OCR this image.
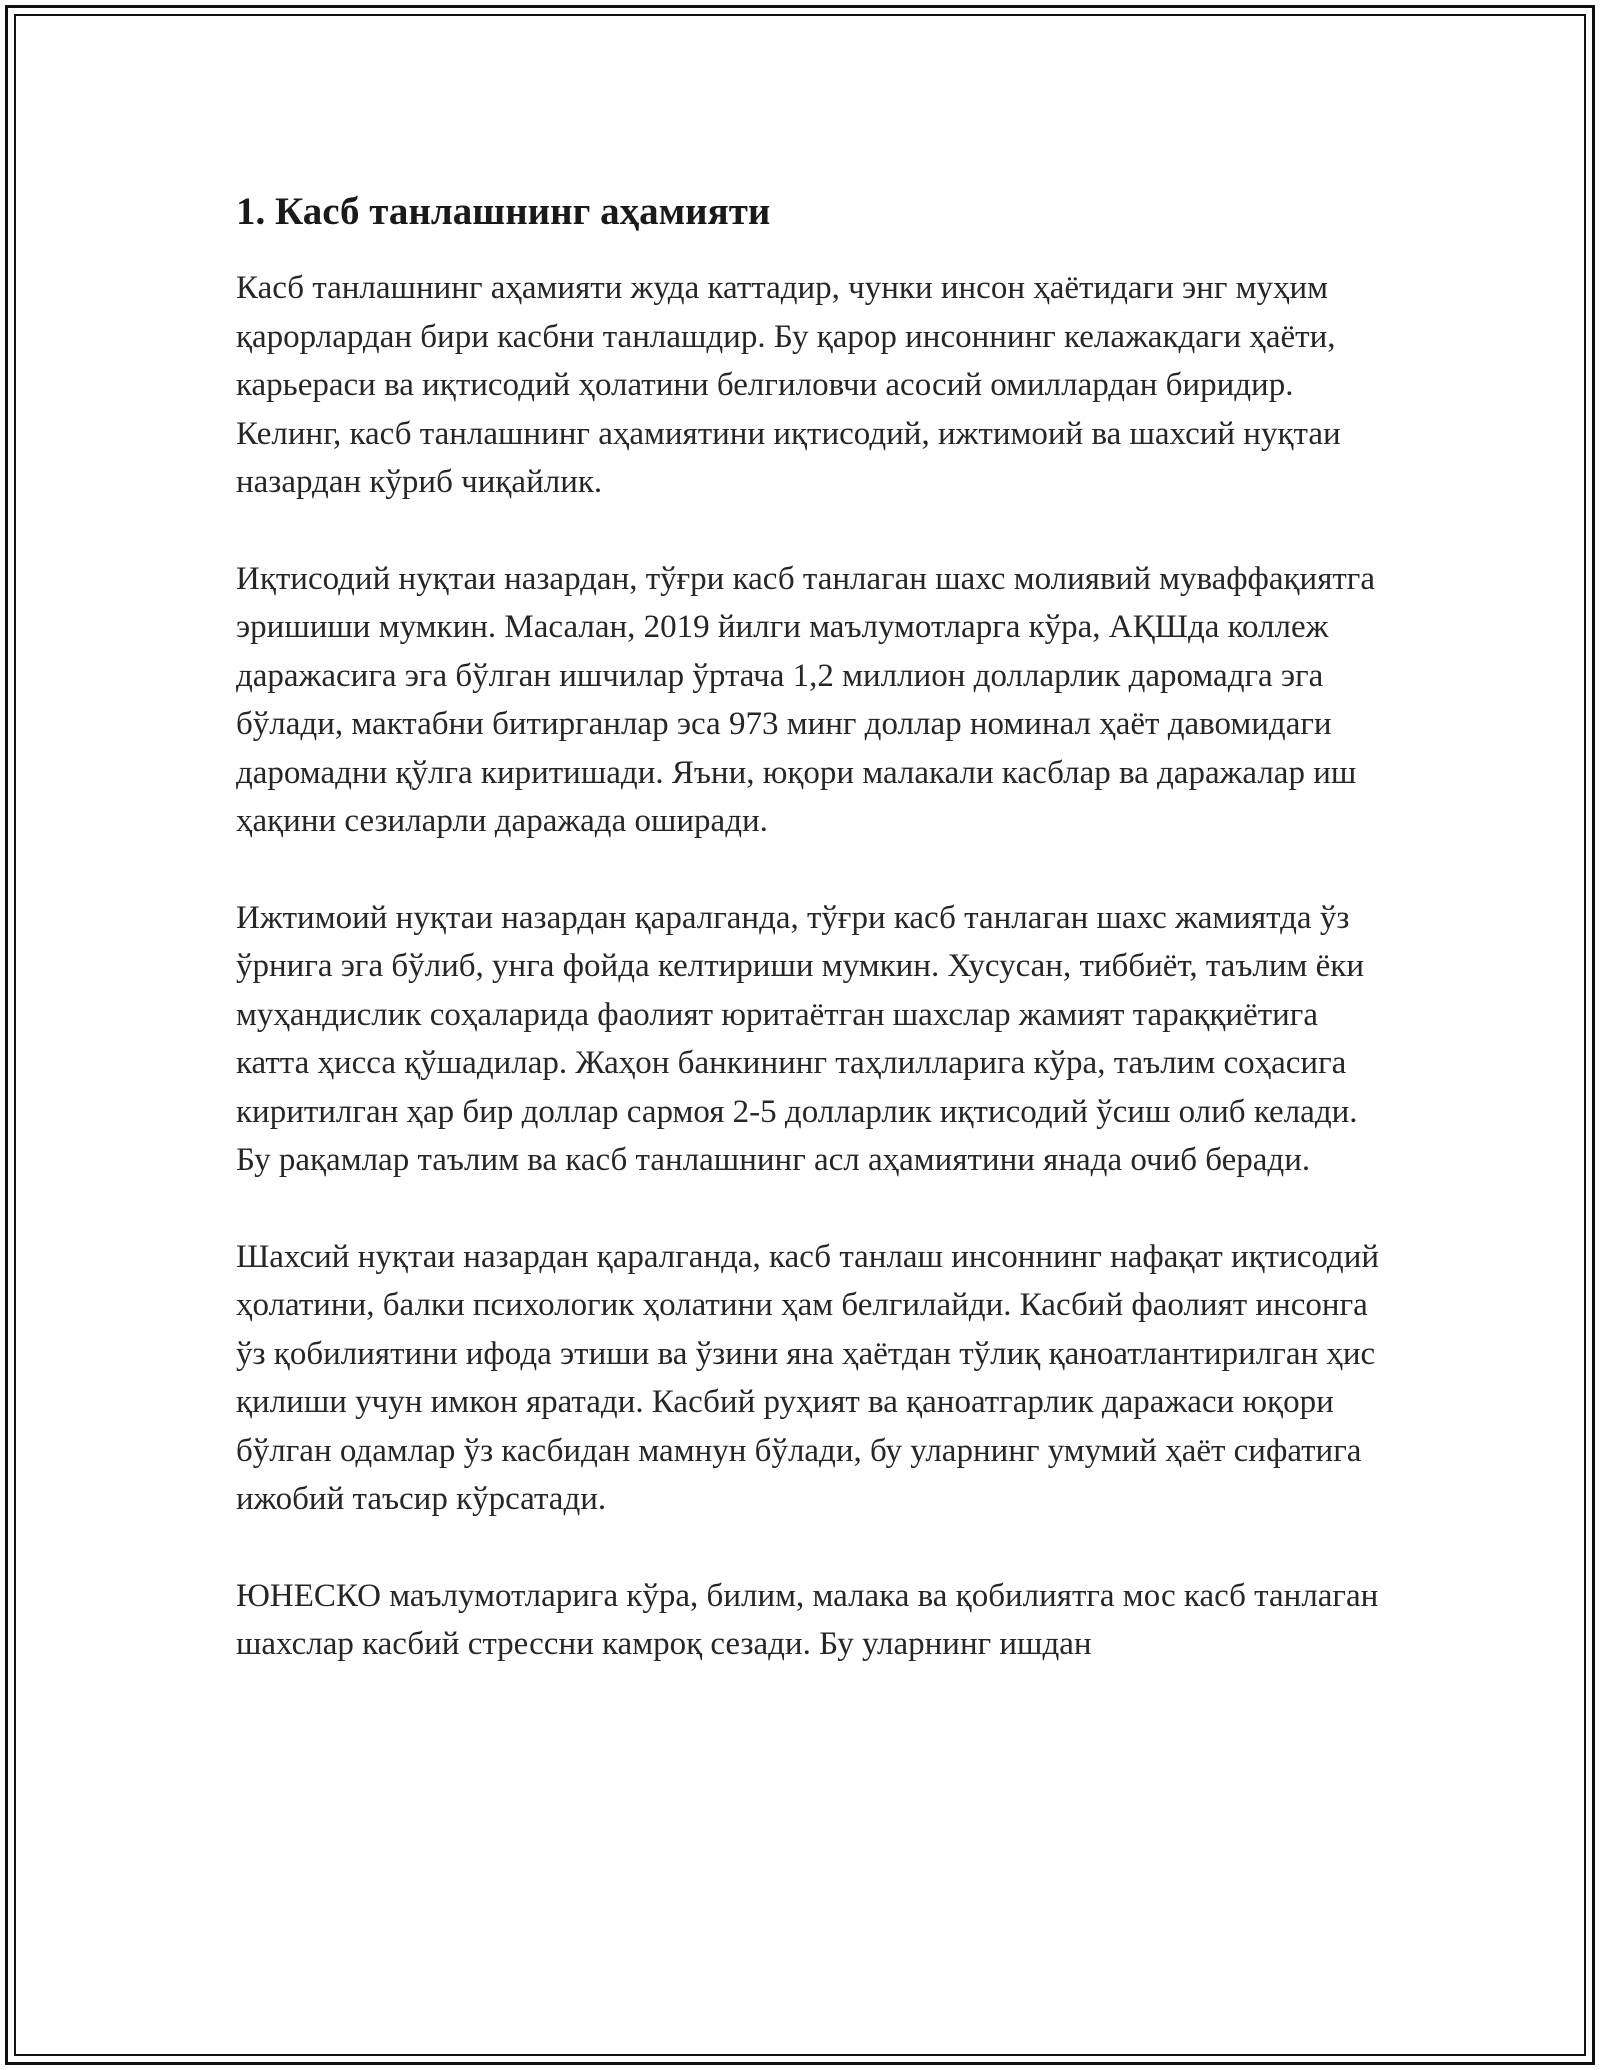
1. Касб танлашнинг аҳамияти

Касб танлашнинг аҳамияти жуда каттадир, чунки инсон ҳаётидаги энг муҳим қарорлардан бири касбни танлашдир. Бу қарор инсоннинг келажакдаги ҳаёти, карьераси ва иқтисодий ҳолатини белгиловчи асосий омиллардан биридир. Келинг, касб танлашнинг аҳамиятини иқтисодий, ижтимоий ва шахсий нуқтаи назардан кўриб чиқайлик.

Иқтисодий нуқтаи назардан, тўғри касб танлаган шахс молиявий муваффақиятга эришиши мумкин. Масалан, 2019 йилги маълумотларга кўра, АҚШда коллеж даражасига эга бўлган ишчилар ўртача 1,2 миллион долларлик даромадга эга бўлади, мактабни битирганлар эса 973 минг доллар номинал ҳаёт давомидаги даромадни қўлга киритишади. Яъни, юқори малакали касблар ва даражалар иш ҳақини сезиларли даражада оширади.

Ижтимоий нуқтаи назардан қаралганда, тўғри касб танлаган шахс жамиятда ўз ўрнига эга бўлиб, унга фойда келтириши мумкин. Хусусан, тиббиёт, таълим ёки муҳандислик соҳаларида фаолият юритаётган шахслар жамият тараққиётига катта ҳисса қўшадилар. Жаҳон банкининг таҳлилларига кўра, таълим соҳасига киритилган ҳар бир доллар сармоя 2-5 долларлик иқтисодий ўсиш олиб келади. Бу рақамлар таълим ва касб танлашнинг асл аҳамиятини янада очиб беради.

Шахсий нуқтаи назардан қаралганда, касб танлаш инсоннинг нафақат иқтисодий ҳолатини, балки психологик ҳолатини ҳам белгилайди. Касбий фаолият инсонга ўз қобилиятини ифода этиши ва ўзини яна ҳаётдан тўлиқ қаноатлантирилган ҳис қилиши учун имкон яратади. Касбий руҳият ва қаноатгарлик даражаси юқори бўлган одамлар ўз касбидан мамнун бўлади, бу уларнинг умумий ҳаёт сифатига ижобий таъсир кўрсатади.

ЮНЕСКО маълумотларига кўра, билим, малака ва қобилиятга мос касб танлаган шахслар касбий стрессни камроқ сезади. Бу уларнинг ишдан
